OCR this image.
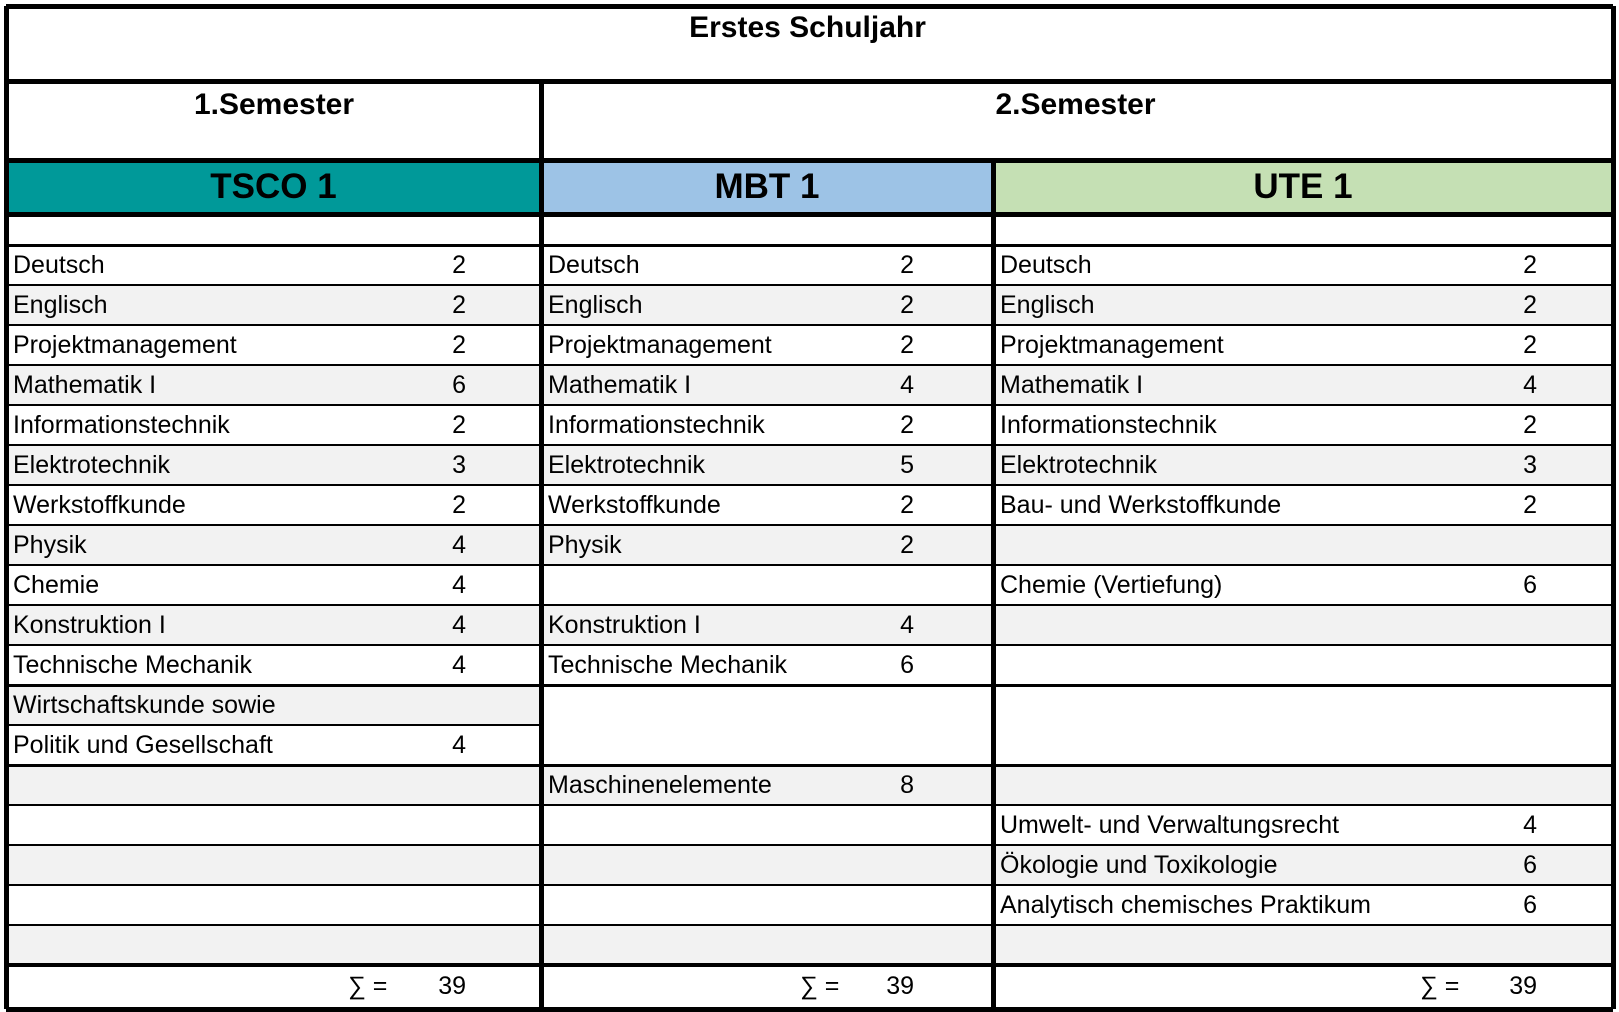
Erstes Schuljahr
1.Semester	2.Semester
TSCO 1	MBT 1	UTE 1
Deutsch	2
Englisch	2
Projektmanagement	2
Mathematik I	6
Informationstechnik	2
Elektrotechnik	3
Werkstoffkunde	2
Physik	4
Chemie	4
Konstruktion I	4
Technische Mechanik	4
Wirtschaftskunde sowie
Politik und Gesellschaft	4
∑ =	39
Deutsch	2
Englisch	2
Projektmanagement	2
Mathematik I	4
Informationstechnik	2
Elektrotechnik	5
Werkstoffkunde	2
Physik	2
Konstruktion I	4
Technische Mechanik	6
Maschinenelemente	8
∑ =	39
Deutsch	2
Englisch	2
Projektmanagement	2
Mathematik I	4
Informationstechnik	2
Elektrotechnik	3
Bau- und Werkstoffkunde	2
Chemie (Vertiefung)	6
Umwelt- und Verwaltungsrecht	4
Ökologie und Toxikologie	6
Analytisch chemisches Praktikum	6
∑ =	39
